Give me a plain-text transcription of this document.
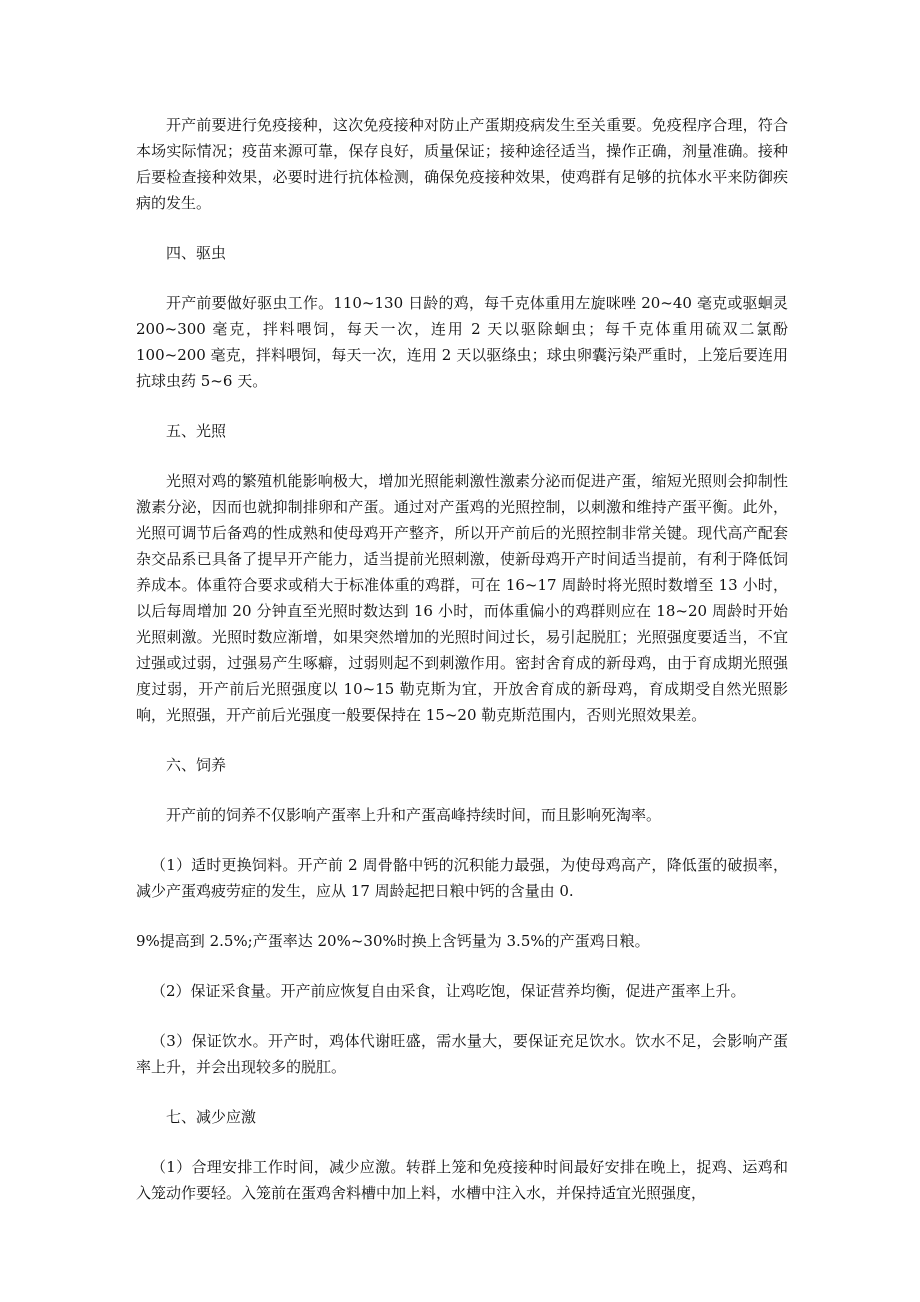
开产前要进行免疫接种，这次免疫接种对防止产蛋期疫病发生至关重要。免疫程序合理，符合本场实际情况；疫苗来源可靠，保存良好，质量保证；接种途径适当，操作正确，剂量准确。接种后要检查接种效果，必要时进行抗体检测，确保免疫接种效果，使鸡群有足够的抗体水平来防御疾病的发生。

四、驱虫

开产前要做好驱虫工作。110~130 日龄的鸡，每千克体重用左旋咪唑 20~40 毫克或驱蛔灵 200~300 毫克，拌料喂饲，每天一次，连用 2 天以驱除蛔虫；每千克体重用硫双二氯酚 100~200 毫克，拌料喂饲，每天一次，连用 2 天以驱绦虫；球虫卵囊污染严重时，上笼后要连用抗球虫药 5~6 天。

五、光照

光照对鸡的繁殖机能影响极大，增加光照能刺激性激素分泌而促进产蛋，缩短光照则会抑制性激素分泌，因而也就抑制排卵和产蛋。通过对产蛋鸡的光照控制，以刺激和维持产蛋平衡。此外，光照可调节后备鸡的性成熟和使母鸡开产整齐，所以开产前后的光照控制非常关键。现代高产配套杂交品系已具备了提早开产能力，适当提前光照刺激，使新母鸡开产时间适当提前，有利于降低饲养成本。体重符合要求或稍大于标准体重的鸡群，可在 16~17 周龄时将光照时数增至 13 小时，以后每周增加 20 分钟直至光照时数达到 16 小时，而体重偏小的鸡群则应在 18~20 周龄时开始光照刺激。光照时数应渐增，如果突然增加的光照时间过长，易引起脱肛；光照强度要适当，不宜过强或过弱，过强易产生啄癖，过弱则起不到刺激作用。密封舍育成的新母鸡，由于育成期光照强度过弱，开产前后光照强度以 10~15 勒克斯为宜，开放舍育成的新母鸡，育成期受自然光照影响，光照强，开产前后光强度一般要保持在 15~20 勒克斯范围内，否则光照效果差。

六、饲养

开产前的饲养不仅影响产蛋率上升和产蛋高峰持续时间，而且影响死淘率。

（1）适时更换饲料。开产前 2 周骨骼中钙的沉积能力最强，为使母鸡高产，降低蛋的破损率，减少产蛋鸡疲劳症的发生，应从 17 周龄起把日粮中钙的含量由 0.

9%提高到 2.5%;产蛋率达 20%~30%时换上含钙量为 3.5%的产蛋鸡日粮。

（2）保证采食量。开产前应恢复自由采食，让鸡吃饱，保证营养均衡，促进产蛋率上升。

（3）保证饮水。开产时，鸡体代谢旺盛，需水量大，要保证充足饮水。饮水不足，会影响产蛋率上升，并会出现较多的脱肛。

七、减少应激

（1）合理安排工作时间，减少应激。转群上笼和免疫接种时间最好安排在晚上，捉鸡、运鸡和入笼动作要轻。入笼前在蛋鸡舍料槽中加上料，水槽中注入水，并保持适宜光照强度，
